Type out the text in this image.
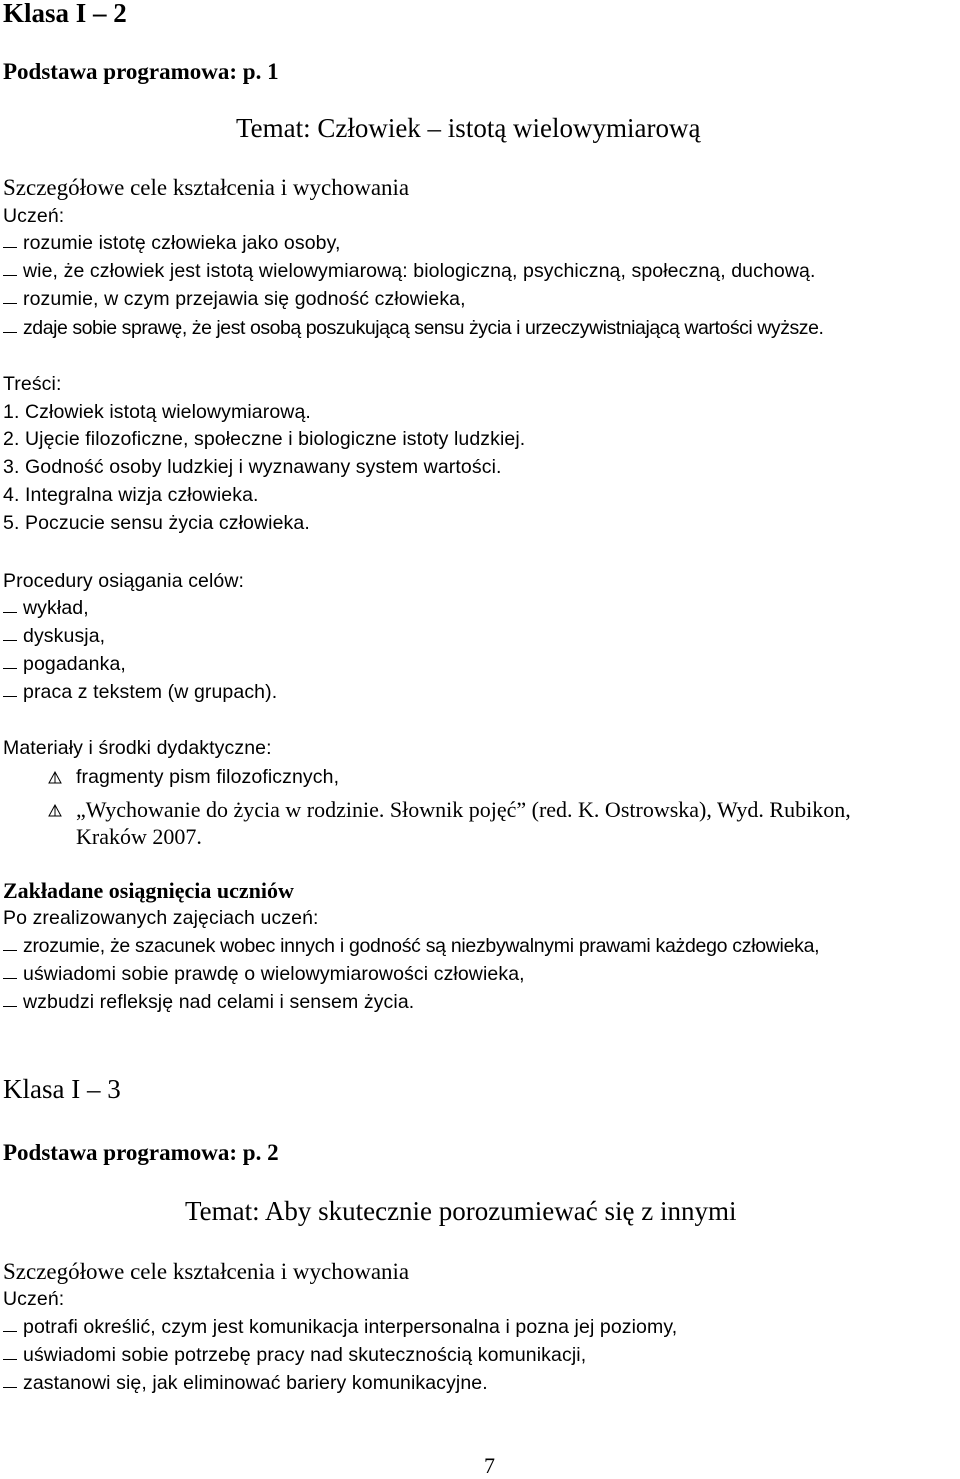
Klasa I – 2
Podstawa programowa: p. 1
Temat: Człowiek – istotą wielowymiarową
Szczegółowe cele kształcenia i wychowania
Uczeń:
rozumie istotę człowieka jako osoby,
wie, że człowiek jest istotą wielowymiarową: biologiczną, psychiczną, społeczną, duchową.
rozumie, w czym przejawia się godność człowieka,
zdaje sobie sprawę, że jest osobą poszukującą sensu życia i urzeczywistniającą wartości wyższe.
Treści:
1. Człowiek istotą wielowymiarową.
2. Ujęcie filozoficzne, społeczne i biologiczne istoty ludzkiej.
3. Godność osoby ludzkiej i wyznawany system wartości.
4. Integralna wizja człowieka.
5. Poczucie sensu życia człowieka.
Procedury osiągania celów:
wykład,
dyskusja,
pogadanka,
praca z tekstem (w grupach).
Materiały i środki dydaktyczne:
fragmenty pism filozoficznych,
„Wychowanie do życia w rodzinie. Słownik pojęć” (red. K. Ostrowska), Wyd. Rubikon,
Kraków 2007.
Zakładane osiągnięcia uczniów
Po zrealizowanych zajęciach uczeń:
zrozumie, że szacunek wobec innych i godność są niezbywalnymi prawami każdego człowieka,
uświadomi sobie prawdę o wielowymiarowości człowieka,
wzbudzi refleksję nad celami i sensem życia.
Klasa I – 3
Podstawa programowa: p. 2
Temat: Aby skutecznie porozumiewać się z innymi
Szczegółowe cele kształcenia i wychowania
Uczeń:
potrafi określić, czym jest komunikacja interpersonalna i pozna jej poziomy,
uświadomi sobie potrzebę pracy nad skutecznością komunikacji,
zastanowi się, jak eliminować bariery komunikacyjne.
7
